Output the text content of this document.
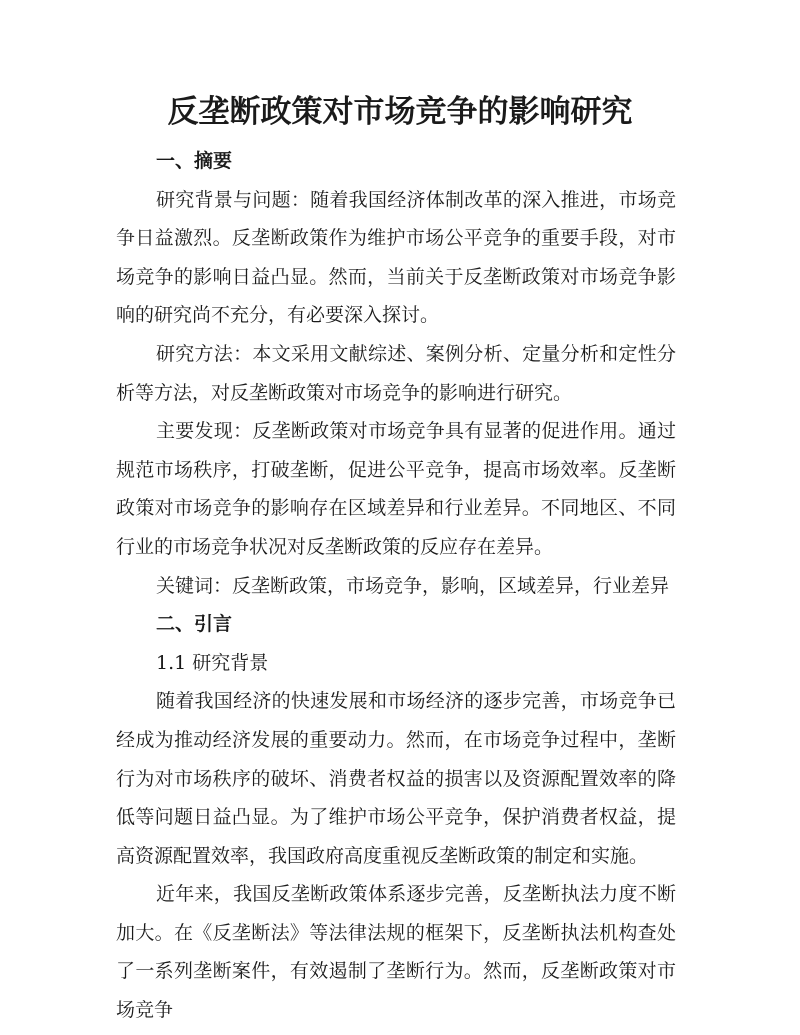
反垄断政策对市场竞争的影响研究

一、摘要

研究背景与问题：随着我国经济体制改革的深入推进，市场竞争日益激烈。反垄断政策作为维护市场公平竞争的重要手段，对市场竞争的影响日益凸显。然而，当前关于反垄断政策对市场竞争影响的研究尚不充分，有必要深入探讨。

研究方法：本文采用文献综述、案例分析、定量分析和定性分析等方法，对反垄断政策对市场竞争的影响进行研究。

主要发现：反垄断政策对市场竞争具有显著的促进作用。通过规范市场秩序，打破垄断，促进公平竞争，提高市场效率。反垄断政策对市场竞争的影响存在区域差异和行业差异。不同地区、不同行业的市场竞争状况对反垄断政策的反应存在差异。

关键词：反垄断政策，市场竞争，影响，区域差异，行业差异

二、引言

1.1 研究背景

随着我国经济的快速发展和市场经济的逐步完善，市场竞争已经成为推动经济发展的重要动力。然而，在市场竞争过程中，垄断行为对市场秩序的破坏、消费者权益的损害以及资源配置效率的降低等问题日益凸显。为了维护市场公平竞争，保护消费者权益，提高资源配置效率，我国政府高度重视反垄断政策的制定和实施。

近年来，我国反垄断政策体系逐步完善，反垄断执法力度不断加大。在《反垄断法》等法律法规的框架下，反垄断执法机构查处了一系列垄断案件，有效遏制了垄断行为。然而，反垄断政策对市场竞争
